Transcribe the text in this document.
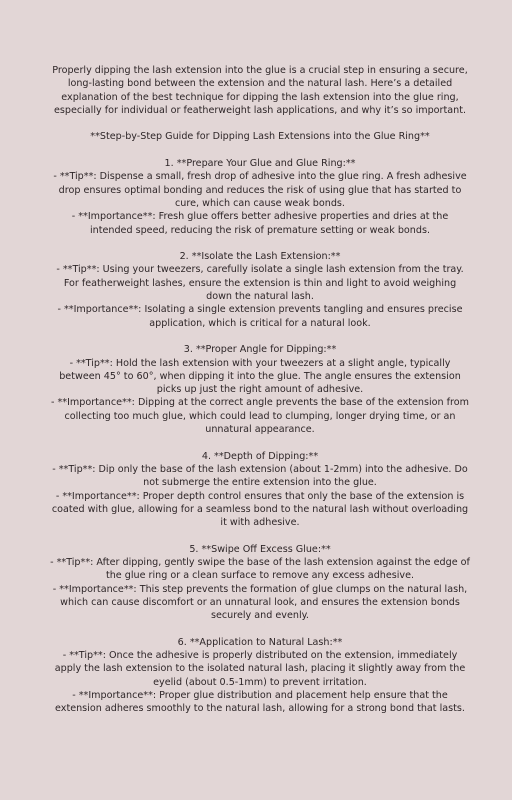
Properly dipping the lash extension into the glue is a crucial step in ensuring a secure, long-lasting bond between the extension and the natural lash. Here’s a detailed explanation of the best technique for dipping the lash extension into the glue ring, especially for individual or featherweight lash applications, and why it’s so important.

**Step-by-Step Guide for Dipping Lash Extensions into the Glue Ring**

1. **Prepare Your Glue and Glue Ring:**

- **Tip**: Dispense a small, fresh drop of adhesive into the glue ring. A fresh adhesive drop ensures optimal bonding and reduces the risk of using glue that has started to cure, which can cause weak bonds.

- **Importance**: Fresh glue offers better adhesive properties and dries at the intended speed, reducing the risk of premature setting or weak bonds.

2. **Isolate the Lash Extension:**

- **Tip**: Using your tweezers, carefully isolate a single lash extension from the tray. For featherweight lashes, ensure the extension is thin and light to avoid weighing down the natural lash.

- **Importance**: Isolating a single extension prevents tangling and ensures precise application, which is critical for a natural look.

3. **Proper Angle for Dipping:**

- **Tip**: Hold the lash extension with your tweezers at a slight angle, typically between 45° to 60°, when dipping it into the glue. The angle ensures the extension picks up just the right amount of adhesive.

- **Importance**: Dipping at the correct angle prevents the base of the extension from collecting too much glue, which could lead to clumping, longer drying time, or an unnatural appearance.

4. **Depth of Dipping:**

- **Tip**: Dip only the base of the lash extension (about 1-2mm) into the adhesive. Do not submerge the entire extension into the glue.

- **Importance**: Proper depth control ensures that only the base of the extension is coated with glue, allowing for a seamless bond to the natural lash without overloading it with adhesive.

5. **Swipe Off Excess Glue:**

- **Tip**: After dipping, gently swipe the base of the lash extension against the edge of the glue ring or a clean surface to remove any excess adhesive.

- **Importance**: This step prevents the formation of glue clumps on the natural lash, which can cause discomfort or an unnatural look, and ensures the extension bonds securely and evenly.

6. **Application to Natural Lash:**

- **Tip**: Once the adhesive is properly distributed on the extension, immediately apply the lash extension to the isolated natural lash, placing it slightly away from the eyelid (about 0.5-1mm) to prevent irritation.

- **Importance**: Proper glue distribution and placement help ensure that the extension adheres smoothly to the natural lash, allowing for a strong bond that lasts.
